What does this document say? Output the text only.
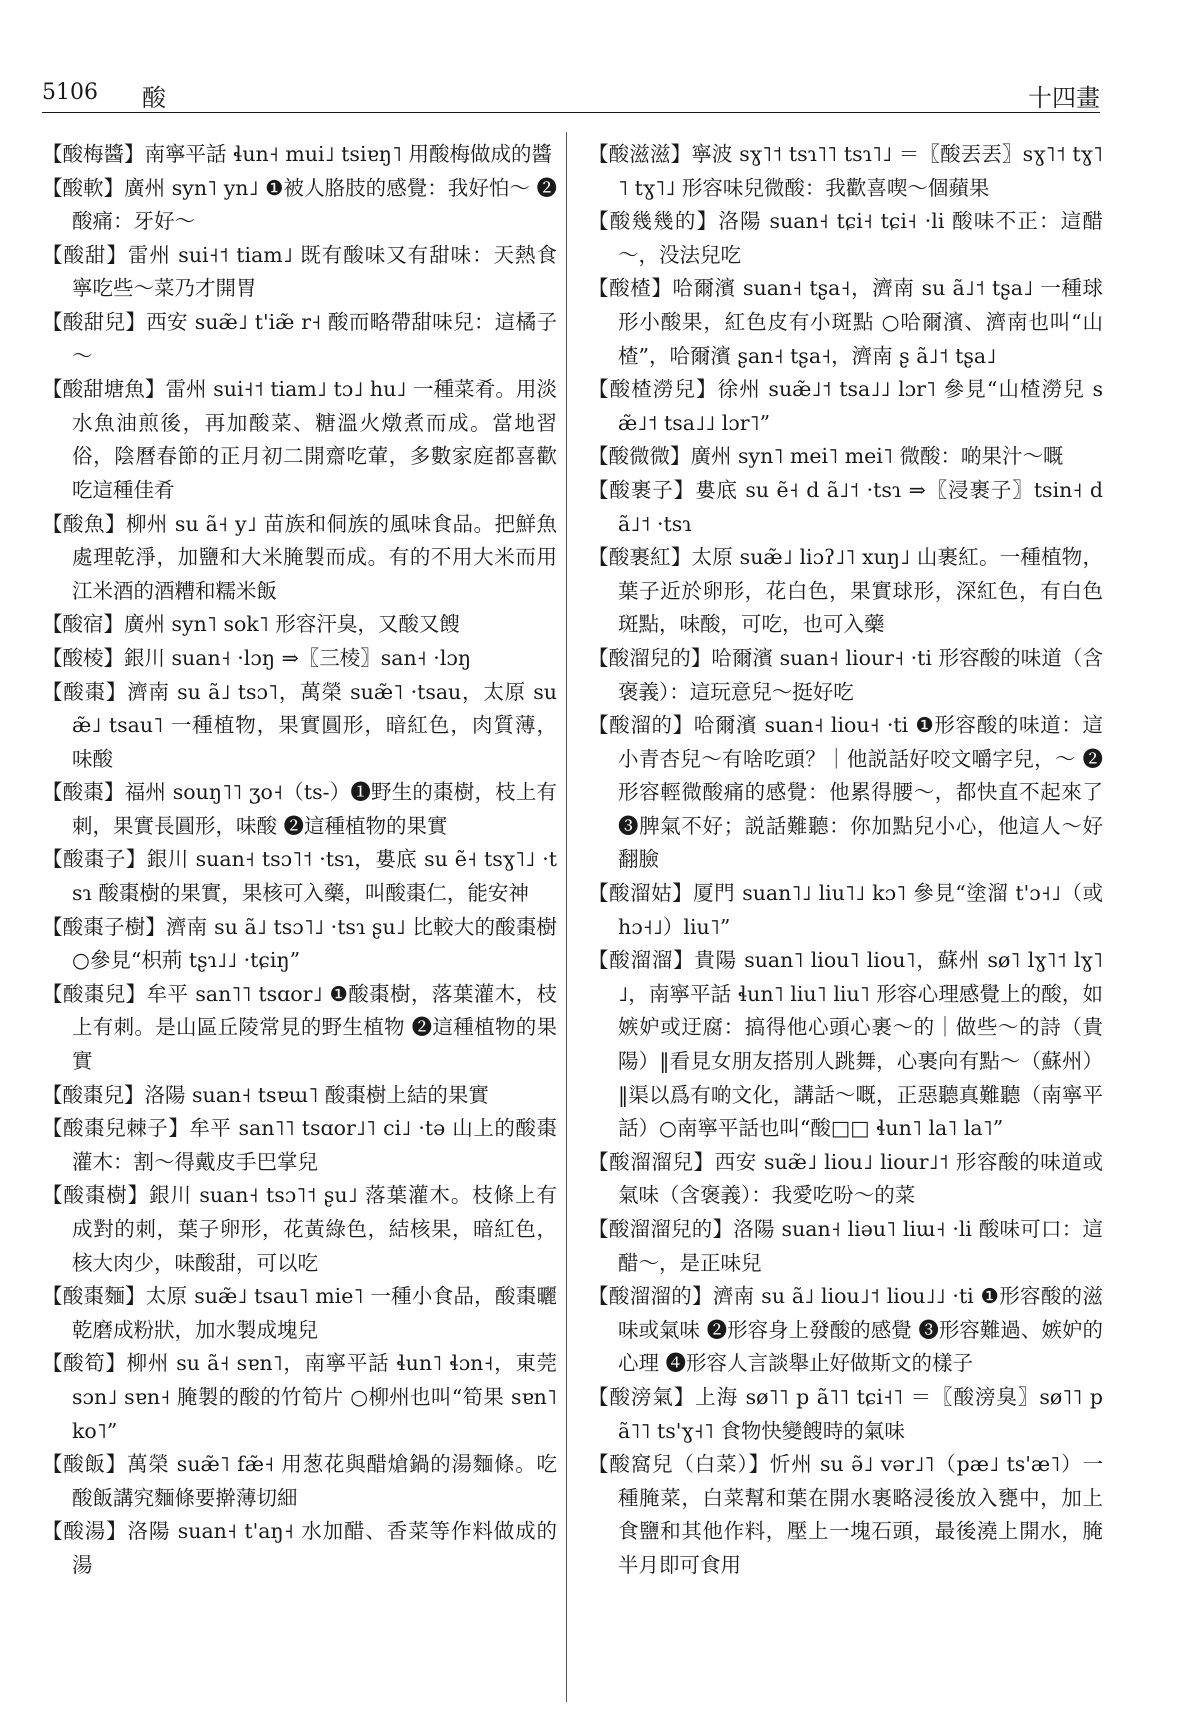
5106 酸	十四畫

【酸梅醬】南寧平話 ɬun˧ mui˩ tsiɐŋ˥ 用酸梅做成的醬

【酸軟】廣州 syn˥ yn˩ ❶被人胳肢的感覺：我好怕～ ❷酸痛：牙好～

【酸甜】雷州 sui˧˦ tiam˩ 既有酸味又有甜味：天熱食寧吃些～菜乃才開胃

【酸甜兒】西安 suæ̃˩ t'iæ̃ r˧ 酸而略帶甜味兒：這橘子～

【酸甜塘魚】雷州 sui˧˦ tiam˩ tɔ˩ hu˩ 一種菜肴。用淡水魚油煎後，再加酸菜、糖溫火燉煮而成。當地習俗，陰曆春節的正月初二開齋吃葷，多數家庭都喜歡吃這種佳肴

【酸魚】柳州 su ã˧ y˩ 苗族和侗族的風味食品。把鮮魚處理乾淨，加鹽和大米腌製而成。有的不用大米而用江米酒的酒糟和糯米飯

【酸宿】廣州 syn˥ sok˥ 形容汗臭，又酸又餿

【酸棱】銀川 suan˧ ·lɔŋ ⇒〖三棱〗san˧ ·lɔŋ

【酸棗】濟南 su ã˩ tsɔ˥，萬榮 suæ̃˥ ·tsau，太原 suæ̃˩ tsau˥ 一種植物，果實圓形，暗紅色，肉質薄，味酸

【酸棗】福州 souŋ˥˥ ʒo˧（ts-）❶野生的棗樹，枝上有刺，果實長圓形，味酸 ❷這種植物的果實

【酸棗子】銀川 suan˧ tsɔ˥˦ ·tsɿ，婁底 su ẽ˧ tsɣ˥˩ ·tsɿ 酸棗樹的果實，果核可入藥，叫酸棗仁，能安神

【酸棗子樹】濟南 su ã˩ tsɔ˥˩ ·tsɿ ʂu˩ 比較大的酸棗樹 ○參見“枳荊 tʂɿ˩˩ ·tɕiŋ”

【酸棗兒】牟平 san˥˥ tsɑor˩ ❶酸棗樹，落葉灌木，枝上有刺。是山區丘陵常見的野生植物 ❷這種植物的果實

【酸棗兒】洛陽 suan˧ tsɐɯ˥ 酸棗樹上結的果實

【酸棗兒棘子】牟平 san˥˥ tsɑor˩˥ ci˩ ·tə 山上的酸棗灌木：割～得戴皮手巴掌兒

【酸棗樹】銀川 suan˧ tsɔ˥˦ ʂu˩ 落葉灌木。枝條上有成對的刺，葉子卵形，花黃綠色，結核果，暗紅色，核大肉少，味酸甜，可以吃

【酸棗麵】太原 suæ̃˩ tsau˥ mie˥ 一種小食品，酸棗曬乾磨成粉狀，加水製成塊兒

【酸筍】柳州 su ã˧ sɐn˥，南寧平話 ɬun˥ ɬɔn˧，東莞 sɔn˩ sɐn˧ 腌製的酸的竹筍片 ○柳州也叫“筍果 sɐn˥ ko˥”

【酸飯】萬榮 suæ̃˥ fæ̃˧ 用葱花與醋熗鍋的湯麵條。吃酸飯講究麵條要擀薄切細

【酸湯】洛陽 suan˧ t'aŋ˧ 水加醋、香菜等作料做成的湯

【酸滋滋】寧波 sɣ˥˦ tsɿ˥˥ tsɿ˥˩ ＝〖酸丟丟〗sɣ˥˦ tɣ˥˥ tɣ˥˩ 形容味兒微酸：我歡喜喫～個蘋果

【酸幾幾的】洛陽 suan˧ tɕi˧ tɕi˧ ·li 酸味不正：這醋～，没法兒吃

【酸楂】哈爾濱 suan˧ tʂa˧，濟南 su ã˩˦ tʂa˩ 一種球形小酸果，紅色皮有小斑點 ○哈爾濱、濟南也叫“山楂”，哈爾濱 ʂan˧ tʂa˧，濟南 ʂ ã˩˦ tʂa˩

【酸楂澇兒】徐州 suæ̃˩˦ tsa˩˩ lɔr˥ 參見“山楂澇兒 sæ̃˩˦ tsa˩˩ lɔr˥”

【酸微微】廣州 syn˥ mei˥ mei˥ 微酸：啲果汁～嘅

【酸裹子】婁底 su ẽ˧ d ã˩˦ ·tsɿ ⇒〖浸裹子〗tsin˧ d ã˩˦ ·tsɿ

【酸裹紅】太原 suæ̃˩ liɔʔ˩˥ xuŋ˩ 山裹紅。一種植物，葉子近於卵形，花白色，果實球形，深紅色，有白色斑點，味酸，可吃，也可入藥

【酸溜兒的】哈爾濱 suan˧ liour˧ ·ti 形容酸的味道（含褒義）：這玩意兒～挺好吃

【酸溜的】哈爾濱 suan˧ liou˧ ·ti ❶形容酸的味道：這小青杏兒～有啥吃頭？｜他説話好咬文嚼字兒，～ ❷形容輕微酸痛的感覺：他累得腰～，都快直不起來了 ❸脾氣不好；説話難聽：你加點兒小心，他這人～好翻臉

【酸溜姑】厦門 suan˥˩ liu˥˩ kɔ˥ 參見“塗溜 t'ɔ˧˩（或 hɔ˧˩）liu˥”

【酸溜溜】貴陽 suan˥ liou˥ liou˥，蘇州 sø˥ lɣ˥˦ lɣ˥˩，南寧平話 ɬun˥ liu˥ liu˥ 形容心理感覺上的酸，如嫉妒或迂腐：搞得他心頭心裹～的｜做些～的詩（貴陽）‖看見女朋友搭別人跳舞，心裹向有點～（蘇州）‖渠以爲有啲文化，講話～嘅，正惡聽真難聽（南寧平話）○南寧平話也叫“酸□□ ɬun˥ la˥ la˥”

【酸溜溜兒】西安 suæ̃˩ liou˩ liour˩˦ 形容酸的味道或氣味（含褒義）：我愛吃吩～的菜

【酸溜溜兒的】洛陽 suan˧ liəu˥ liɯ˧ ·li 酸味可口：這醋～，是正味兒

【酸溜溜的】濟南 su ã˩ liou˩˦ liou˩˩ ·ti ❶形容酸的滋味或氣味 ❷形容身上發酸的感覺 ❸形容難過、嫉妒的心理 ❹形容人言談舉止好做斯文的樣子

【酸滂氣】上海 sø˥˥ p ã˥˥ tɕi˧˥ ＝〖酸滂臭〗sø˥˥ p ã˥˥ ts'ɣ˧˥ 食物快變餿時的氣味

【酸窩兒（白菜）】忻州 su ə̃˩ vər˩˥（pæ˩ ts'æ˥）一種腌菜，白菜幫和葉在開水裹略浸後放入甕中，加上食鹽和其他作料，壓上一塊石頭，最後澆上開水，腌半月即可食用
